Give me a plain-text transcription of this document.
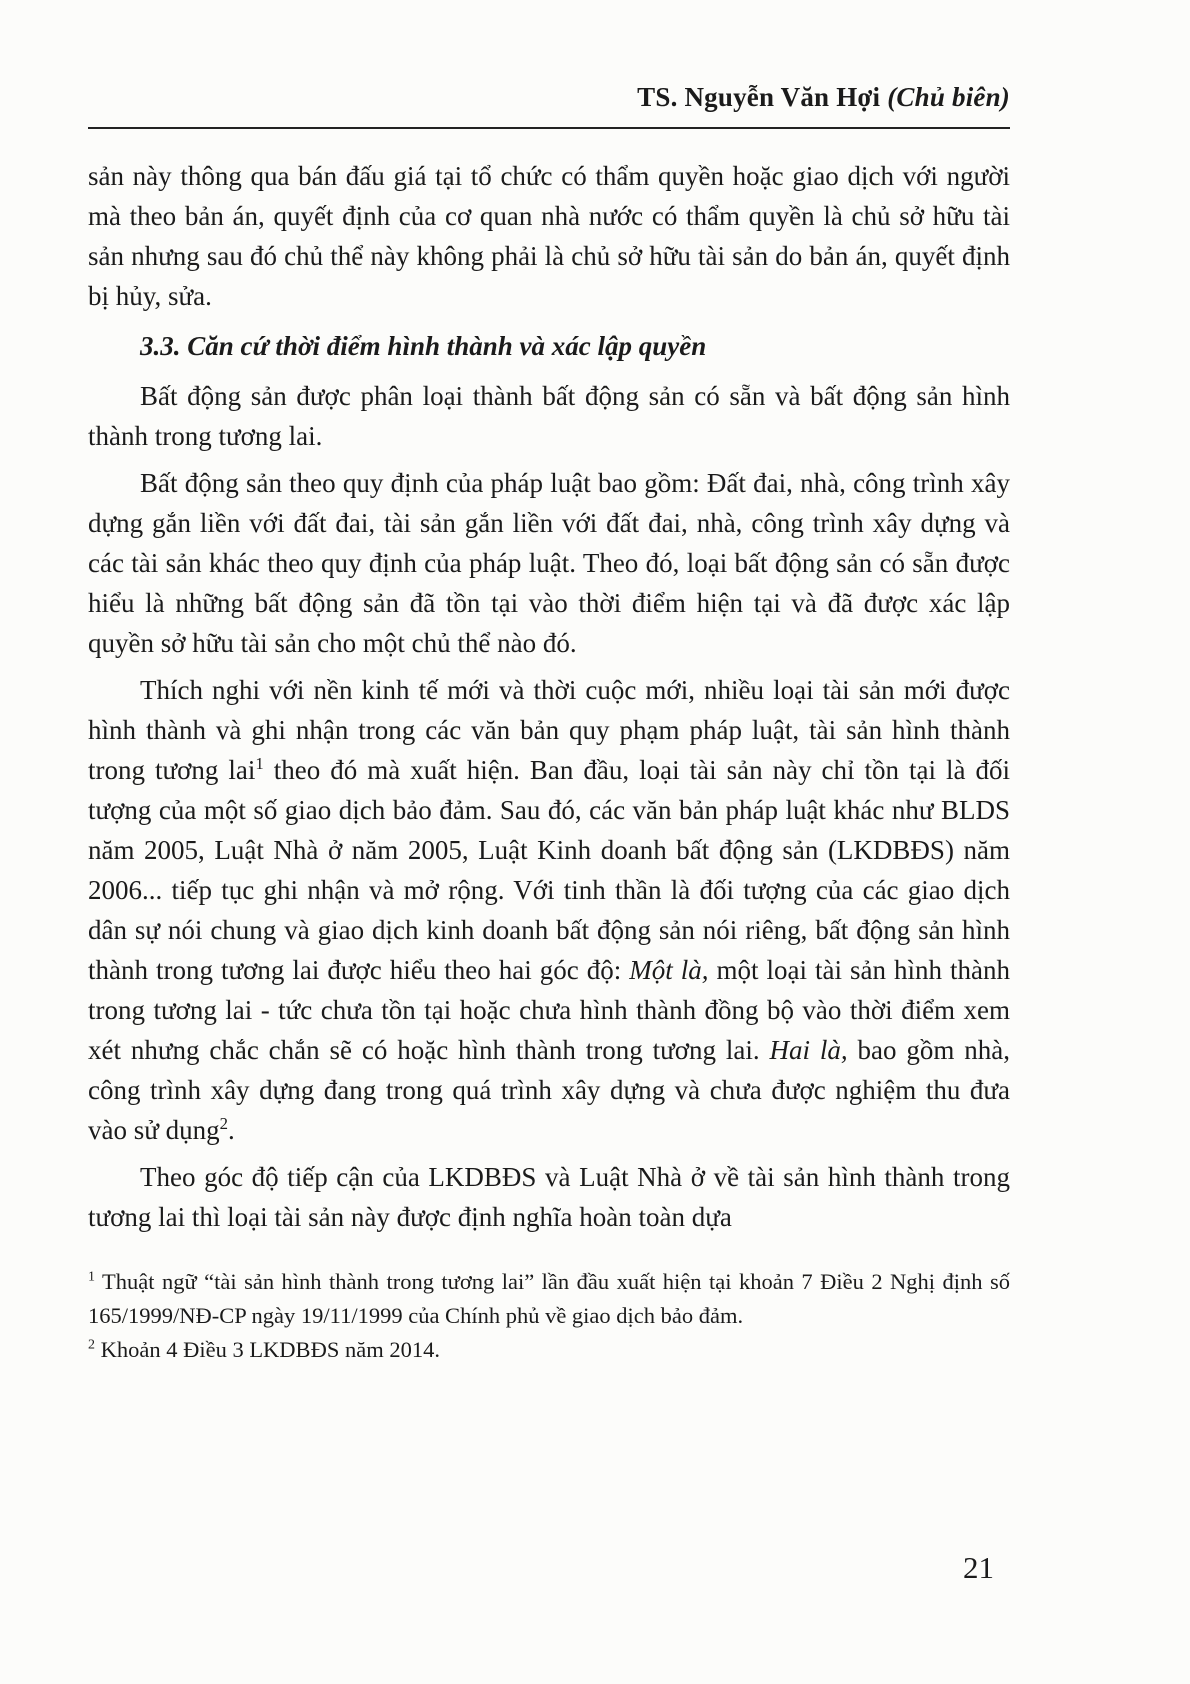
TS. Nguyễn Văn Hợi (Chủ biên)

sản này thông qua bán đấu giá tại tổ chức có thẩm quyền hoặc giao dịch với người mà theo bản án, quyết định của cơ quan nhà nước có thẩm quyền là chủ sở hữu tài sản nhưng sau đó chủ thể này không phải là chủ sở hữu tài sản do bản án, quyết định bị hủy, sửa.

3.3. Căn cứ thời điểm hình thành và xác lập quyền

Bất động sản được phân loại thành bất động sản có sẵn và bất động sản hình thành trong tương lai.

Bất động sản theo quy định của pháp luật bao gồm: Đất đai, nhà, công trình xây dựng gắn liền với đất đai, tài sản gắn liền với đất đai, nhà, công trình xây dựng và các tài sản khác theo quy định của pháp luật. Theo đó, loại bất động sản có sẵn được hiểu là những bất động sản đã tồn tại vào thời điểm hiện tại và đã được xác lập quyền sở hữu tài sản cho một chủ thể nào đó.

Thích nghi với nền kinh tế mới và thời cuộc mới, nhiều loại tài sản mới được hình thành và ghi nhận trong các văn bản quy phạm pháp luật, tài sản hình thành trong tương lai$^1$ theo đó mà xuất hiện. Ban đầu, loại tài sản này chỉ tồn tại là đối tượng của một số giao dịch bảo đảm. Sau đó, các văn bản pháp luật khác như BLDS năm 2005, Luật Nhà ở năm 2005, Luật Kinh doanh bất động sản (LKDBĐS) năm 2006... tiếp tục ghi nhận và mở rộng. Với tinh thần là đối tượng của các giao dịch dân sự nói chung và giao dịch kinh doanh bất động sản nói riêng, bất động sản hình thành trong tương lai được hiểu theo hai góc độ: Một là, một loại tài sản hình thành trong tương lai - tức chưa tồn tại hoặc chưa hình thành đồng bộ vào thời điểm xem xét nhưng chắc chắn sẽ có hoặc hình thành trong tương lai. Hai là, bao gồm nhà, công trình xây dựng đang trong quá trình xây dựng và chưa được nghiệm thu đưa vào sử dụng$^2$.

Theo góc độ tiếp cận của LKDBĐS và Luật Nhà ở về tài sản hình thành trong tương lai thì loại tài sản này được định nghĩa hoàn toàn dựa

$^1$ Thuật ngữ “tài sản hình thành trong tương lai” lần đầu xuất hiện tại khoản 7 Điều 2 Nghị định số 165/1999/NĐ-CP ngày 19/11/1999 của Chính phủ về giao dịch bảo đảm.

$^2$ Khoản 4 Điều 3 LKDBĐS năm 2014.

21
